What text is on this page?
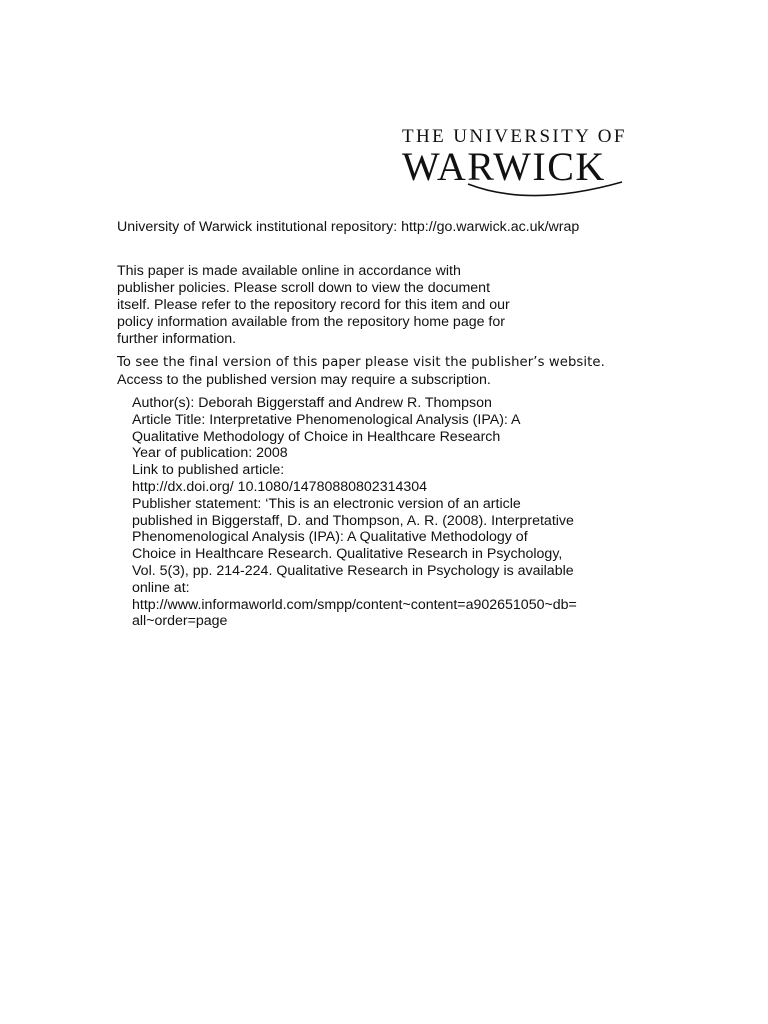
THE UNIVERSITY OF
WARWICK
University of Warwick institutional repository: http://go.warwick.ac.uk/wrap
This paper is made available online in accordance with
publisher policies. Please scroll down to view the document
itself. Please refer to the repository record for this item and our
policy information available from the repository home page for
further information.
To see the final version of this paper please visit the publisher’s website.
Access to the published version may require a subscription.
Author(s): Deborah Biggerstaff and Andrew R. Thompson
Article Title: Interpretative Phenomenological Analysis (IPA): A
Qualitative Methodology of Choice in Healthcare Research
Year of publication: 2008
Link to published article:
http://dx.doi.org/ 10.1080/14780880802314304
Publisher statement: ‘This is an electronic version of an article
published in Biggerstaff, D. and Thompson, A. R. (2008). Interpretative
Phenomenological Analysis (IPA): A Qualitative Methodology of
Choice in Healthcare Research. Qualitative Research in Psychology,
Vol. 5(3), pp. 214-224. Qualitative Research in Psychology is available
online at:
http://www.informaworld.com/smpp/content~content=a902651050~db=
all~order=page
